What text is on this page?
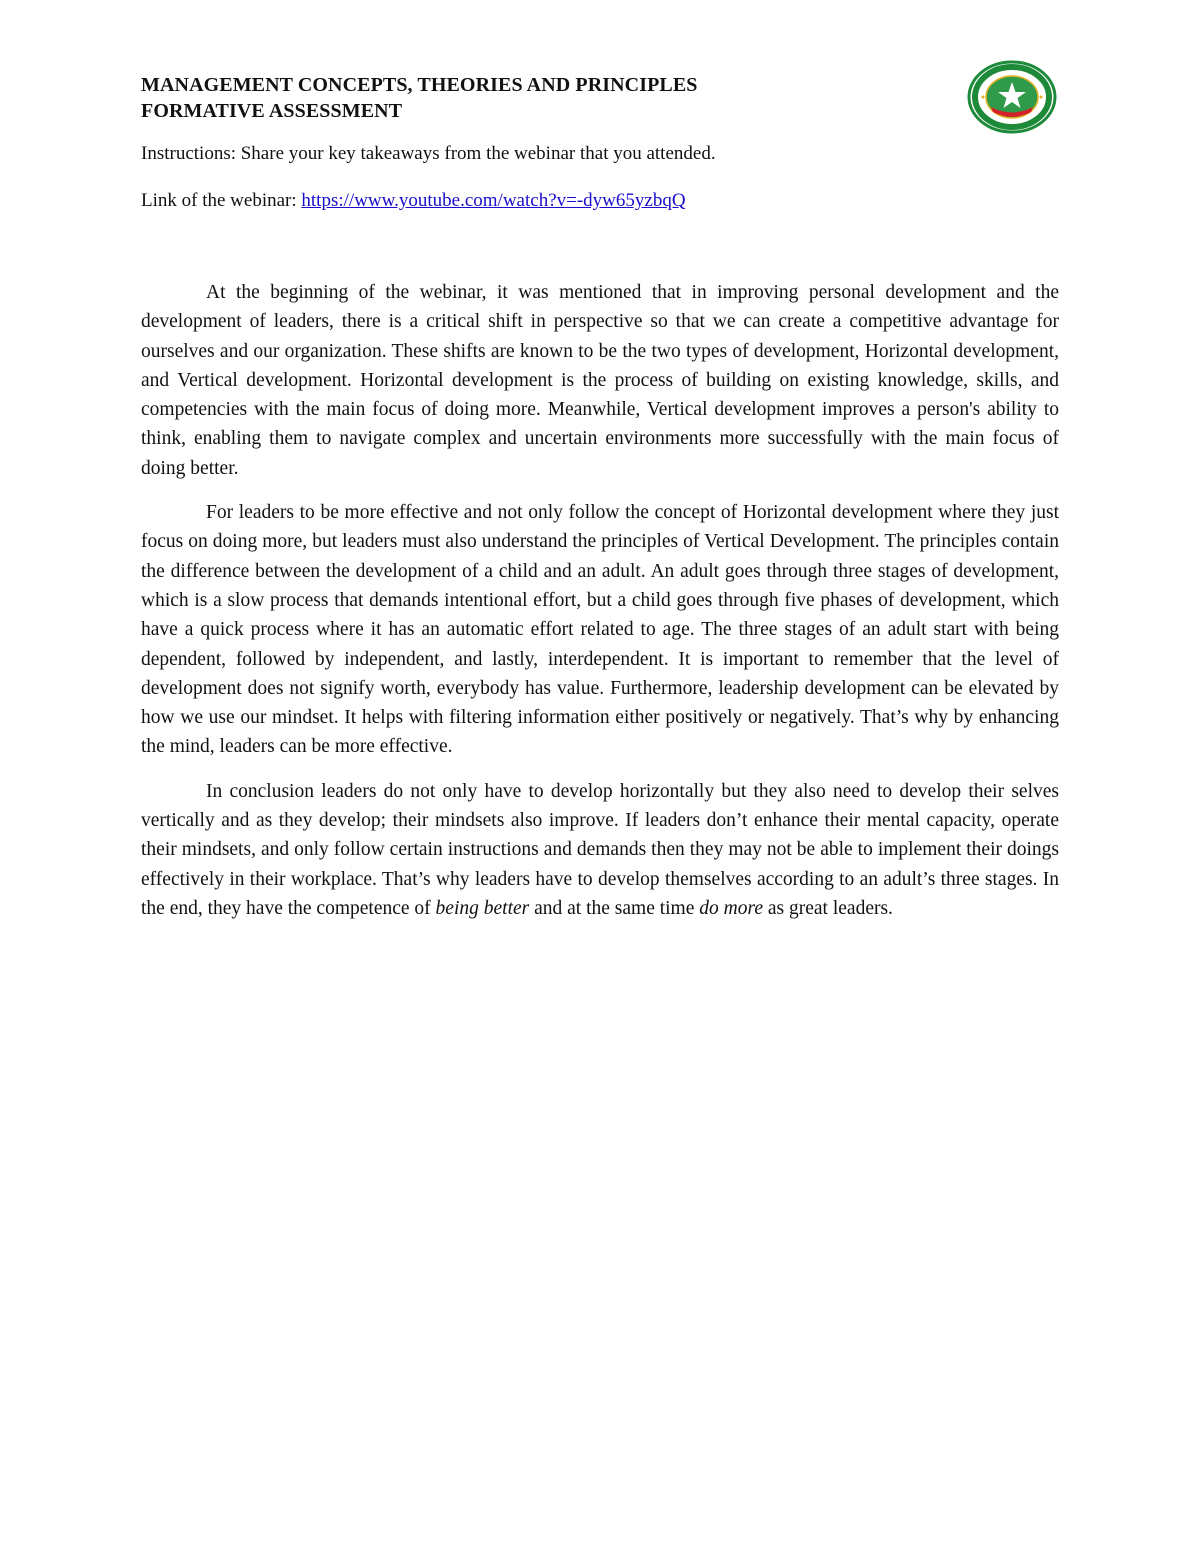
MANAGEMENT CONCEPTS, THEORIES AND PRINCIPLES
FORMATIVE ASSESSMENT
Instructions: Share your key takeaways from the webinar that you attended.
Link of the webinar: https://www.youtube.com/watch?v=-dyw65yzbqQ

At the beginning of the webinar, it was mentioned that in improving personal development and the development of leaders, there is a critical shift in perspective so that we can create a competitive advantage for ourselves and our organization. These shifts are known to be the two types of development, Horizontal development, and Vertical development. Horizontal development is the process of building on existing knowledge, skills, and competencies with the main focus of doing more. Meanwhile, Vertical development improves a person's ability to think, enabling them to navigate complex and uncertain environments more successfully with the main focus of doing better.

For leaders to be more effective and not only follow the concept of Horizontal development where they just focus on doing more, but leaders must also understand the principles of Vertical Development. The principles contain the difference between the development of a child and an adult. An adult goes through three stages of development, which is a slow process that demands intentional effort, but a child goes through five phases of development, which have a quick process where it has an automatic effort related to age. The three stages of an adult start with being dependent, followed by independent, and lastly, interdependent. It is important to remember that the level of development does not signify worth, everybody has value. Furthermore, leadership development can be elevated by how we use our mindset. It helps with filtering information either positively or negatively. That’s why by enhancing the mind, leaders can be more effective.

In conclusion leaders do not only have to develop horizontally but they also need to develop their selves vertically and as they develop; their mindsets also improve. If leaders don’t enhance their mental capacity, operate their mindsets, and only follow certain instructions and demands then they may not be able to implement their doings effectively in their workplace. That’s why leaders have to develop themselves according to an adult’s three stages. In the end, they have the competence of being better and at the same time do more as great leaders.
